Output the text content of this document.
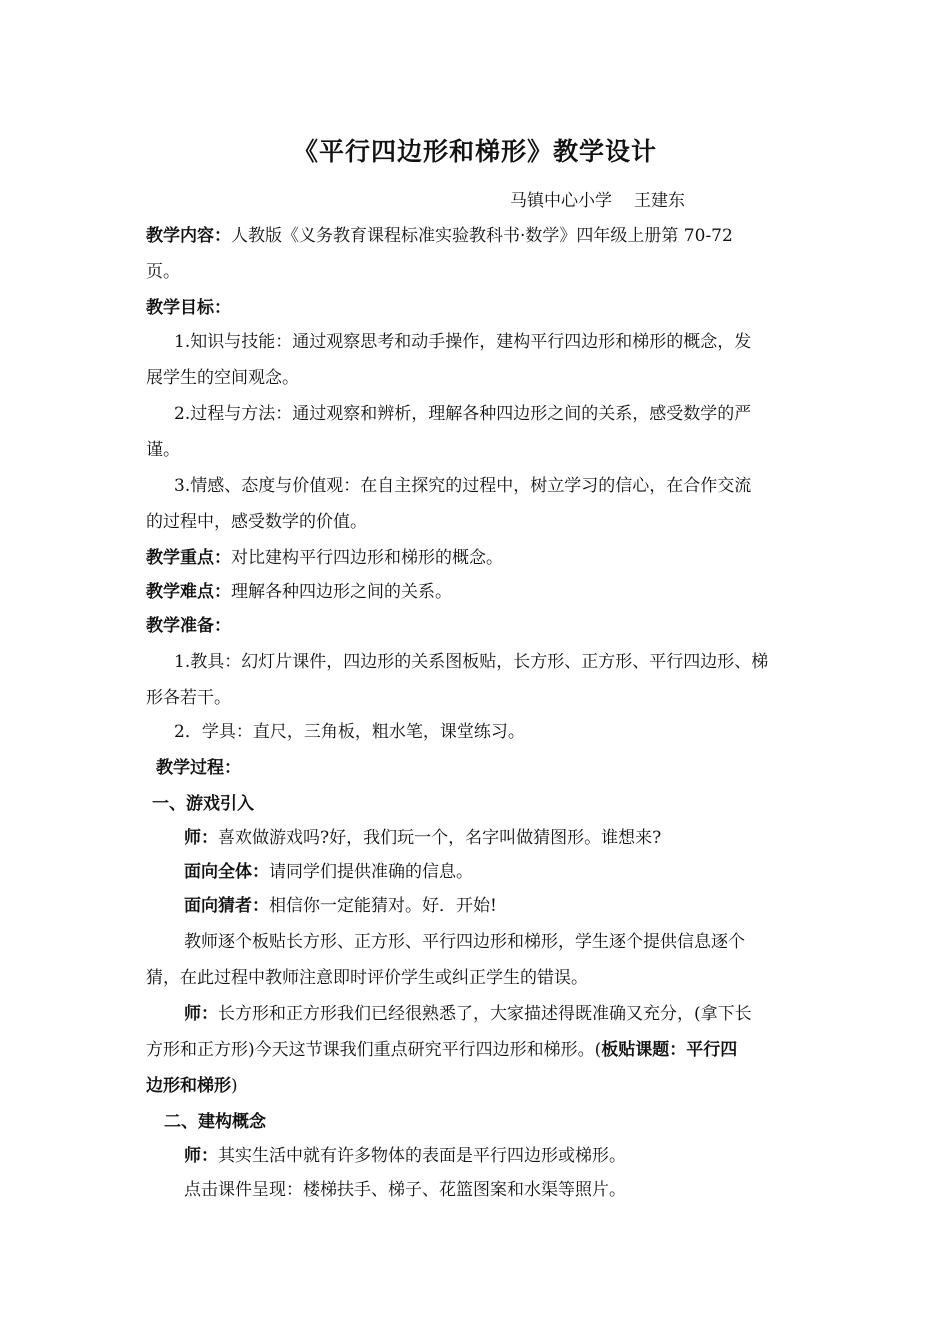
《平行四边形和梯形》教学设计
马镇中心小学 王建东
教学内容：人教版《义务教育课程标准实验教科书·数学》四年级上册第 70-72
页。
教学目标：
1.知识与技能：通过观察思考和动手操作，建构平行四边形和梯形的概念，发
展学生的空间观念。
2.过程与方法：通过观察和辨析，理解各种四边形之间的关系，感受数学的严
谨。
3.情感、态度与价值观：在自主探究的过程中，树立学习的信心，在合作交流
的过程中，感受数学的价值。
教学重点：对比建构平行四边形和梯形的概念。
教学难点：理解各种四边形之间的关系。
教学准备：
1.教具：幻灯片课件，四边形的关系图板贴，长方形、正方形、平行四边形、梯
形各若干。
2．学具：直尺，三角板，粗水笔，课堂练习。
教学过程：
一、游戏引入
师：喜欢做游戏吗?好，我们玩一个，名字叫做猜图形。谁想来?
面向全体：请同学们提供准确的信息。
面向猜者：相信你一定能猜对。好．开始!
教师逐个板贴长方形、正方形、平行四边形和梯形，学生逐个提供信息逐个
猜，在此过程中教师注意即时评价学生或纠正学生的错误。
师：长方形和正方形我们已经很熟悉了，大家描述得既准确又充分，(拿下长
方形和正方形)今天这节课我们重点研究平行四边形和梯形。(板贴课题：平行四
边形和梯形)
二、建构概念
师：其实生活中就有许多物体的表面是平行四边形或梯形。
点击课件呈现：楼梯扶手、梯子、花篮图案和水渠等照片。
